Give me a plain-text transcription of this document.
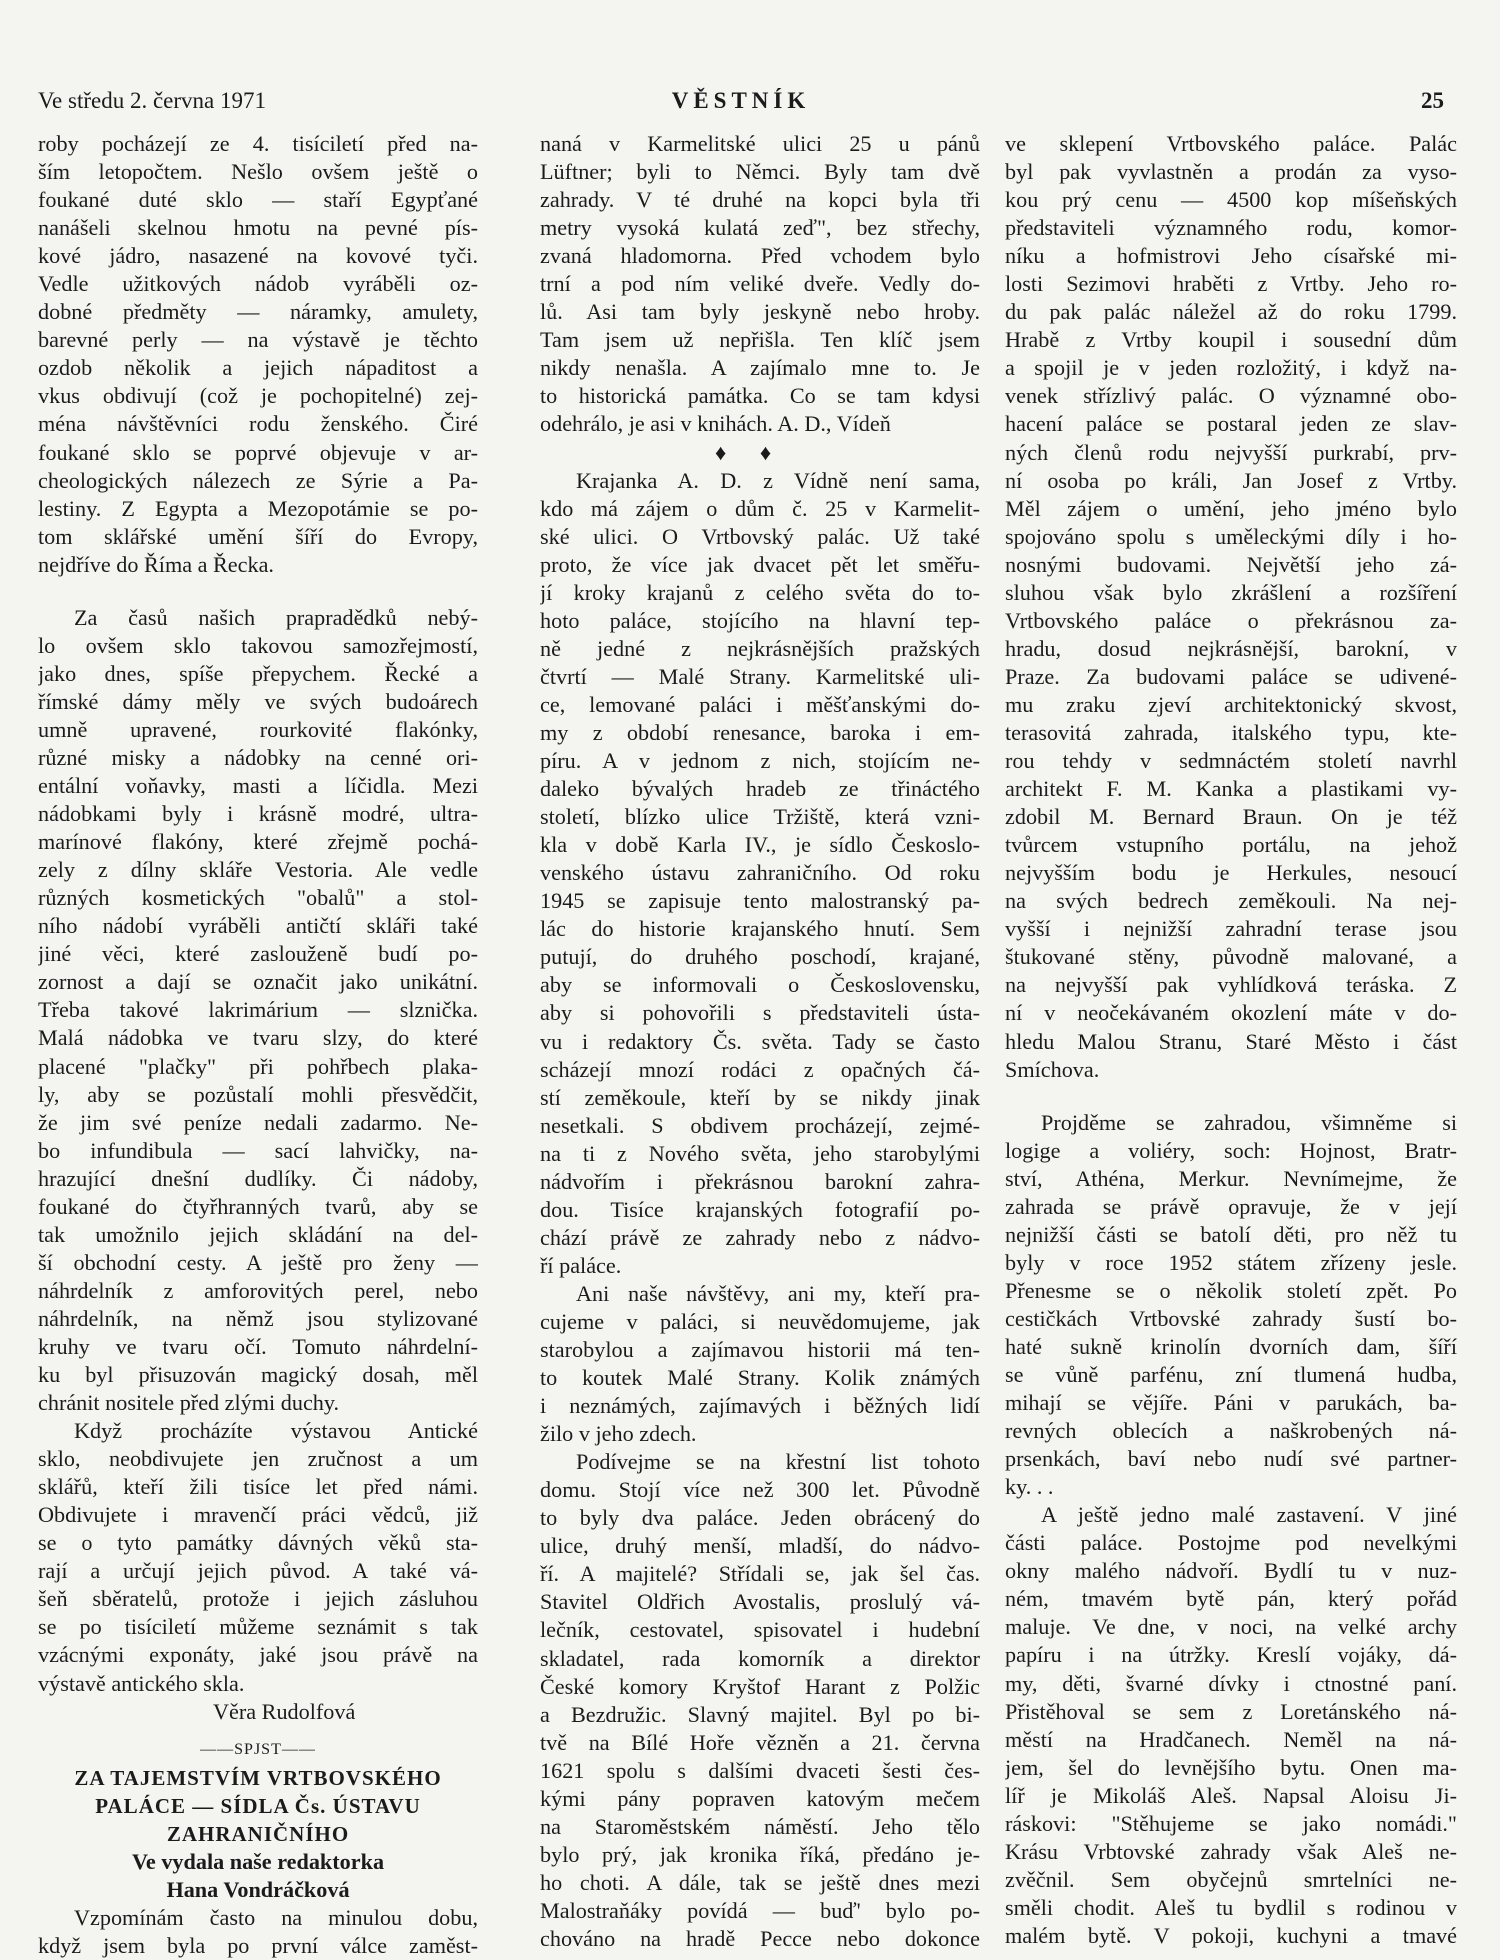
Ve středu 2. června 1971	VĚSTNÍK	25
roby pocházejí ze 4. tisíciletí před na-
ším letopočtem. Nešlo ovšem ještě o
foukané duté sklo — staří Egypťané
nanášeli skelnou hmotu na pevné pís-
kové jádro, nasazené na kovové tyči.
Vedle užitkových nádob vyráběli oz-
dobné předměty — náramky, amulety,
barevné perly — na výstavě je těchto
ozdob několik a jejich nápaditost a
vkus obdivují (což je pochopitelné) zej-
ména návštěvníci rodu ženského. Čiré
foukané sklo se poprvé objevuje v ar-
cheologických nálezech ze Sýrie a Pa-
lestiny. Z Egypta a Mezopotámie se po-
tom sklářské umění šíří do Evropy,
nejdříve do Říma a Řecka.
Za časů našich prapradědků nebý-
lo ovšem sklo takovou samozřejmostí,
jako dnes, spíše přepychem. Řecké a
římské dámy měly ve svých budoárech
umně upravené, rourkovité flakónky,
různé misky a nádobky na cenné ori-
entální voňavky, masti a líčidla. Mezi
nádobkami byly i krásně modré, ultra-
marínové flakóny, které zřejmě pochá-
zely z dílny skláře Vestoria. Ale vedle
různých kosmetických "obalů" a stol-
ního nádobí vyráběli antičtí skláři také
jiné věci, které zaslouženě budí po-
zornost a dají se označit jako unikátní.
Třeba takové lakrimárium — slznička.
Malá nádobka ve tvaru slzy, do které
placené "plačky" při pohřbech plaka-
ly, aby se pozůstalí mohli přesvědčit,
že jim své peníze nedali zadarmo. Ne-
bo infundibula — sací lahvičky, na-
hrazující dnešní dudlíky. Či nádoby,
foukané do čtyřhranných tvarů, aby se
tak umožnilo jejich skládání na del-
ší obchodní cesty. A ještě pro ženy —
náhrdelník z amforovitých perel, nebo
náhrdelník, na němž jsou stylizované
kruhy ve tvaru očí. Tomuto náhrdelní-
ku byl přisuzován magický dosah, měl
chránit nositele před zlými duchy.
Když procházíte výstavou Antické
sklo, neobdivujete jen zručnost a um
sklářů, kteří žili tisíce let před námi.
Obdivujete i mravenčí práci vědců, již
se o tyto památky dávných věků sta-
rají a určují jejich původ. A také vá-
šeň sběratelů, protože i jejich zásluhou
se po tisíciletí můžeme seznámit s tak
vzácnými exponáty, jaké jsou právě na
výstavě antického skla.
Věra Rudolfová
——SPJST——
ZA TAJEMSTVÍM VRTBOVSKÉHO
PALÁCE — SÍDLA Čs. ÚSTAVU
ZAHRANIČNÍHO
Ve vydala naše redaktorka
Hana Vondráčková
Vzpomínám často na minulou dobu,
když jsem byla po první válce zaměst-
naná v Karmelitské ulici 25 u pánů
Lüftner; byli to Němci. Byly tam dvě
zahrady. V té druhé na kopci byla tři
metry vysoká kulatá zeď", bez střechy,
zvaná hladomorna. Před vchodem bylo
trní a pod ním veliké dveře. Vedly do-
lů. Asi tam byly jeskyně nebo hroby.
Tam jsem už nepřišla. Ten klíč jsem
nikdy nenašla. A zajímalo mne to. Je
to historická památka. Co se tam kdysi
odehrálo, je asi v knihách. A. D., Vídeň
♦ ♦
Krajanka A. D. z Vídně není sama,
kdo má zájem o dům č. 25 v Karmelit-
ské ulici. O Vrtbovský palác. Už také
proto, že více jak dvacet pět let směřu-
jí kroky krajanů z celého světa do to-
hoto paláce, stojícího na hlavní tep-
ně jedné z nejkrásnějších pražských
čtvrtí — Malé Strany. Karmelitské uli-
ce, lemované paláci i měšťanskými do-
my z období renesance, baroka i em-
píru. A v jednom z nich, stojícím ne-
daleko bývalých hradeb ze třináctého
století, blízko ulice Tržiště, která vzni-
kla v době Karla IV., je sídlo Českoslo-
venského ústavu zahraničního. Od roku
1945 se zapisuje tento malostranský pa-
lác do historie krajanského hnutí. Sem
putují, do druhého poschodí, krajané,
aby se informovali o Československu,
aby si pohovořili s představiteli ústa-
vu i redaktory Čs. světa. Tady se často
scházejí mnozí rodáci z opačných čá-
stí zeměkoule, kteří by se nikdy jinak
nesetkali. S obdivem procházejí, zejmé-
na ti z Nového světa, jeho starobylými
nádvořím i překrásnou barokní zahra-
dou. Tisíce krajanských fotografií po-
chází právě ze zahrady nebo z nádvo-
ří paláce.
Ani naše návštěvy, ani my, kteří pra-
cujeme v paláci, si neuvědomujeme, jak
starobylou a zajímavou historii má ten-
to koutek Malé Strany. Kolik známých
i neznámých, zajímavých i běžných lidí
žilo v jeho zdech.
Podívejme se na křestní list tohoto
domu. Stojí více než 300 let. Původně
to byly dva paláce. Jeden obrácený do
ulice, druhý menší, mladší, do nádvo-
ří. A majitelé? Střídali se, jak šel čas.
Stavitel Oldřich Avostalis, proslulý vá-
lečník, cestovatel, spisovatel i hudební
skladatel, rada komorník a direktor
České komory Kryštof Harant z Polžic
a Bezdružic. Slavný majitel. Byl po bi-
tvě na Bílé Hoře vězněn a 21. června
1621 spolu s dalšími dvaceti šesti čes-
kými pány popraven katovým mečem
na Staroměstském náměstí. Jeho tělo
bylo prý, jak kronika říká, předáno je-
ho choti. A dále, tak se ještě dnes mezi
Malostraňáky povídá — buď' bylo po-
chováno na hradě Pecce nebo dokonce
ve sklepení Vrtbovského paláce. Palác
byl pak vyvlastněn a prodán za vyso-
kou prý cenu — 4500 kop míšeňských
představiteli významného rodu, komor-
níku a hofmistrovi Jeho císařské mi-
losti Sezimovi hraběti z Vrtby. Jeho ro-
du pak palác náležel až do roku 1799.
Hrabě z Vrtby koupil i sousední dům
a spojil je v jeden rozložitý, i když na-
venek střízlivý palác. O významné obo-
hacení paláce se postaral jeden ze slav-
ných členů rodu nejvyšší purkrabí, prv-
ní osoba po králi, Jan Josef z Vrtby.
Měl zájem o umění, jeho jméno bylo
spojováno spolu s uměleckými díly i ho-
nosnými budovami. Největší jeho zá-
sluhou však bylo zkrášlení a rozšíření
Vrtbovského paláce o překrásnou za-
hradu, dosud nejkrásnější, barokní, v
Praze. Za budovami paláce se udivené-
mu zraku zjeví architektonický skvost,
terasovitá zahrada, italského typu, kte-
rou tehdy v sedmnáctém století navrhl
architekt F. M. Kanka a plastikami vy-
zdobil M. Bernard Braun. On je též
tvůrcem vstupního portálu, na jehož
nejvyšším bodu je Herkules, nesoucí
na svých bedrech zeměkouli. Na nej-
vyšší i nejnižší zahradní terase jsou
štukované stěny, původně malované, a
na nejvyšší pak vyhlídková teráska. Z
ní v neočekávaném okozlení máte v do-
hledu Malou Stranu, Staré Město i část
Smíchova.
Projděme se zahradou, všimněme si
logige a voliéry, soch: Hojnost, Bratr-
ství, Athéna, Merkur. Nevnímejme, že
zahrada se právě opravuje, že v její
nejnižší části se batolí děti, pro něž tu
byly v roce 1952 státem zřízeny jesle.
Přenesme se o několik století zpět. Po
cestičkách Vrtbovské zahrady šustí bo-
haté sukně krinolín dvorních dam, šíří
se vůně parfénu, zní tlumená hudba,
mihají se vějíře. Páni v parukách, ba-
revných oblecích a naškrobených ná-
prsenkách, baví nebo nudí své partner-
ky. . .
A ještě jedno malé zastavení. V jiné
části paláce. Postojme pod nevelkými
okny malého nádvoří. Bydlí tu v nuz-
ném, tmavém bytě pán, který pořád
maluje. Ve dne, v noci, na velké archy
papíru i na útržky. Kreslí vojáky, dá-
my, děti, švarné dívky i ctnostné paní.
Přistěhoval se sem z Loretánského ná-
městí na Hradčanech. Neměl na ná-
jem, šel do levnějšího bytu. Onen ma-
líř je Mikoláš Aleš. Napsal Aloisu Ji-
ráskovi: "Stěhujeme se jako nomádi."
Krásu Vrbtovské zahrady však Aleš ne-
zvěčnil. Sem obyčejnů smrtelníci ne-
směli chodit. Aleš tu bydlil s rodinou v
malém bytě. V pokoji, kuchyni a tmavé
